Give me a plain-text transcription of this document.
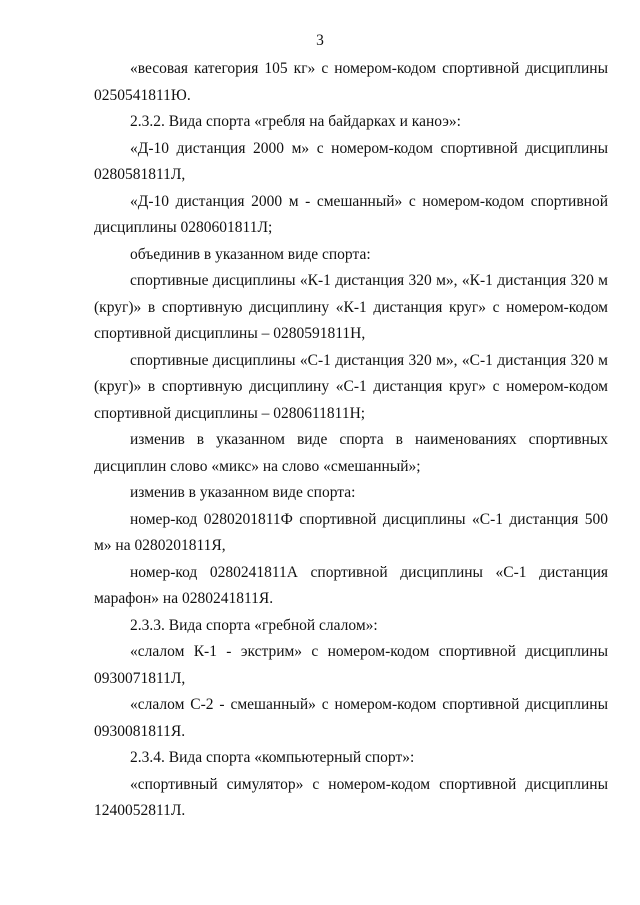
3

«весовая категория 105 кг» с номером-кодом спортивной дисциплины 0250541811Ю.

2.3.2. Вида спорта «гребля на байдарках и каноэ»:

«Д-10 дистанция 2000 м» с номером-кодом спортивной дисциплины 0280581811Л,

«Д-10 дистанция 2000 м - смешанный» с номером-кодом спортивной дисциплины 0280601811Л;

объединив в указанном виде спорта:

спортивные дисциплины «К-1 дистанция 320 м», «К-1 дистанция 320 м (круг)» в спортивную дисциплину «К-1 дистанция круг» с номером-кодом спортивной дисциплины – 0280591811Н,

спортивные дисциплины «С-1 дистанция 320 м», «С-1 дистанция 320 м (круг)» в спортивную дисциплину «С-1 дистанция круг» с номером-кодом спортивной дисциплины – 0280611811Н;

изменив в указанном виде спорта в наименованиях спортивных дисциплин слово «микс» на слово «смешанный»;

изменив в указанном виде спорта:

номер-код 0280201811Ф спортивной дисциплины «С-1 дистанция 500 м» на 0280201811Я,

номер-код 0280241811А спортивной дисциплины «С-1 дистанция марафон» на 0280241811Я.

2.3.3. Вида спорта «гребной слалом»:

«слалом К-1 - экстрим» с номером-кодом спортивной дисциплины 0930071811Л,

«слалом С-2 - смешанный» с номером-кодом спортивной дисциплины 0930081811Я.

2.3.4. Вида спорта «компьютерный спорт»:

«спортивный симулятор» с номером-кодом спортивной дисциплины 1240052811Л.
